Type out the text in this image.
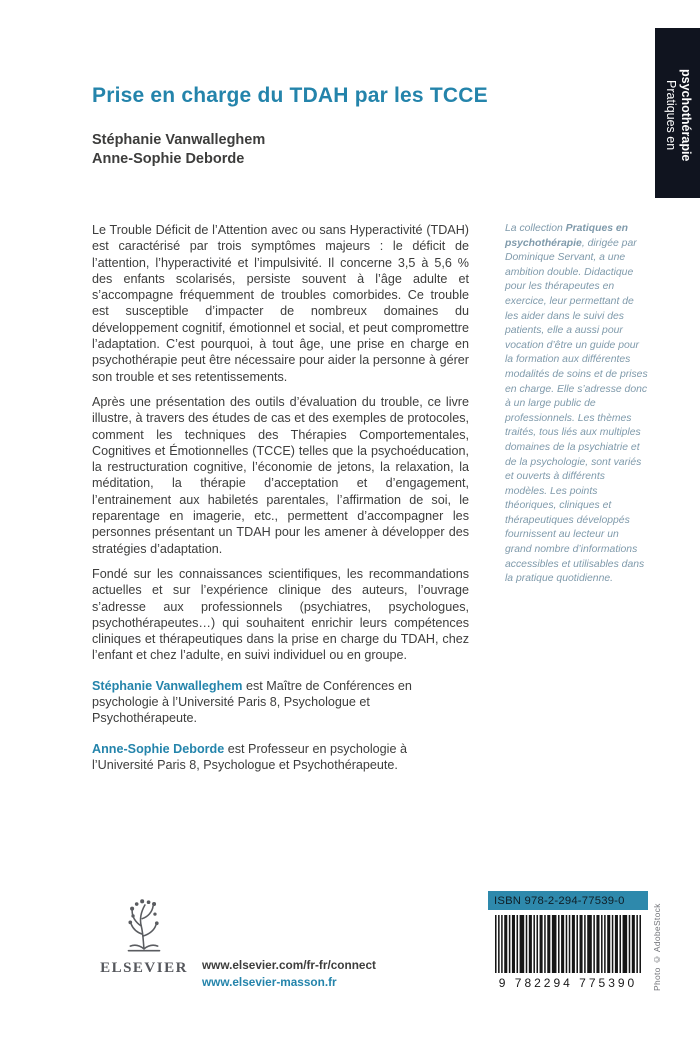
Pratiques en psychothérapie
Prise en charge du TDAH par les TCCE
Stéphanie Vanwalleghem
Anne-Sophie Deborde

Le Trouble Déficit de l’Attention avec ou sans Hyperactivité (TDAH) est caractérisé par trois symptômes majeurs : le déficit de l’attention, l’hyperactivité et l’impulsivité. Il concerne 3,5 à 5,6 % des enfants scolarisés, persiste souvent à l’âge adulte et s’accompagne fréquemment de troubles comorbides. Ce trouble est susceptible d’impacter de nombreux domaines du développement cognitif, émotionnel et social, et peut compromettre l’adaptation. C’est pourquoi, à tout âge, une prise en charge en psychothérapie peut être nécessaire pour aider la personne à gérer son trouble et ses retentissements.

Après une présentation des outils d’évaluation du trouble, ce livre illustre, à travers des études de cas et des exemples de protocoles, comment les techniques des Thérapies Comportementales, Cognitives et Émotionnelles (TCCE) telles que la psychoéducation, la restructuration cognitive, l’économie de jetons, la relaxation, la méditation, la thérapie d’acceptation et d’engagement, l’entrainement aux habiletés parentales, l’affirmation de soi, le reparentage en imagerie, etc., permettent d’accompagner les personnes présentant un TDAH pour les amener à développer des stratégies d’adaptation.

Fondé sur les connaissances scientifiques, les recommandations actuelles et sur l’expérience clinique des auteurs, l’ouvrage s’adresse aux professionnels (psychiatres, psychologues, psychothérapeutes…) qui souhaitent enrichir leurs compétences cliniques et thérapeutiques dans la prise en charge du TDAH, chez l’enfant et chez l’adulte, en suivi individuel ou en groupe.

Stéphanie Vanwalleghem est Maître de Conférences en psychologie à l’Université Paris 8, Psychologue et Psychothérapeute.

Anne-Sophie Deborde est Professeur en psychologie à l’Université Paris 8, Psychologue et Psychothérapeute.

La collection Pratiques en psychothérapie, dirigée par Dominique Servant, a une ambition double. Didactique pour les thérapeutes en exercice, leur permettant de les aider dans le suivi des patients, elle a aussi pour vocation d’être un guide pour la formation aux différentes modalités de soins et de prises en charge. Elle s’adresse donc à un large public de professionnels. Les thèmes traités, tous liés aux multiples domaines de la psychiatrie et de la psychologie, sont variés et ouverts à différents modèles. Les points théoriques, cliniques et thérapeutiques développés fournissent au lecteur un grand nombre d’informations accessibles et utilisables dans la pratique quotidienne.

ELSEVIER www.elsevier.com/fr-fr/connect
www.elsevier-masson.fr
ISBN 978-2-294-77539-0
9 782294 775390	Photo © AdobeStock
